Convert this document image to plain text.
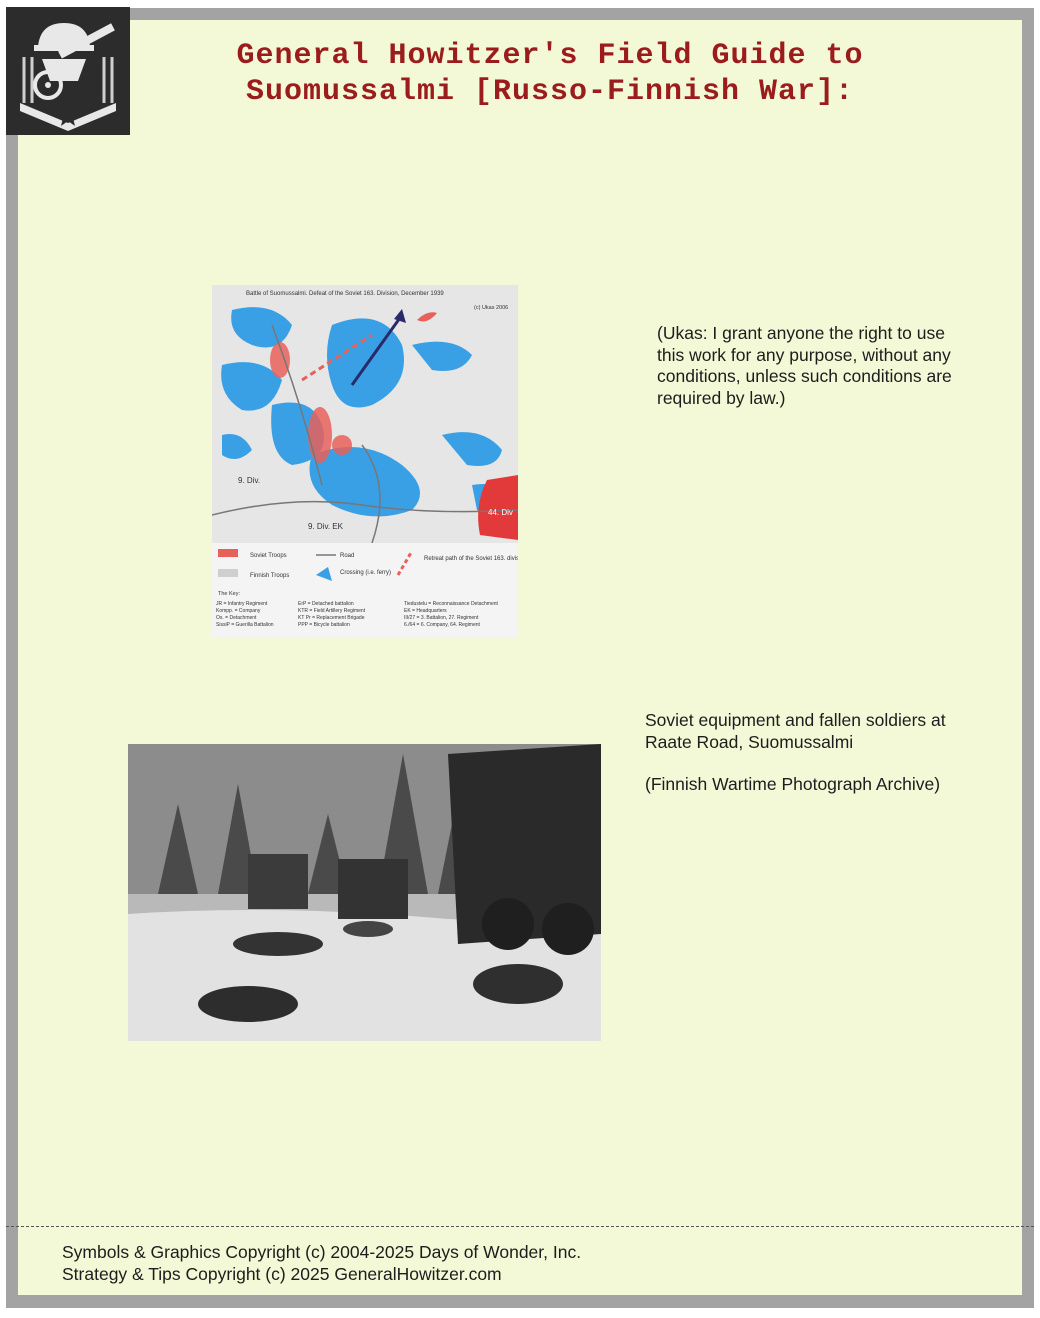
General Howitzer's Field Guide to
Suomussalmi [Russo-Finnish War]:
Battle of Suomussalmi. Defeat of the Soviet 163. Division, December 1939
(c) Ukas 2006
9. Div.
9. Div. EK
44. Div
Soviet Troops
Finnish Troops
Road
Crossing (i.e. ferry)
Retreat path of the Soviet 163. division
The Key:
JR = Infantry Regiment
Kompp. = Company
Os. = Detachment
SissiP = Guerilla Battalion
ErP = Detached battalion
KTR = Field Artillery Regiment
KT Pr = Replacement Brigade
PPP = Bicycle battalion
Tiedustelu = Reconnaissance Detachment
EK = Headquarters
III/27 = 3. Battalion, 27. Regiment
6./64 = 6. Company, 64. Regiment
(Ukas: I grant anyone the right to use this work for any purpose, without any conditions, unless such conditions are required by law.)

Soviet equipment and fallen soldiers at Raate Road, Suomussalmi

(Finnish Wartime Photograph Archive)

Symbols & Graphics Copyright (c) 2004-2025 Days of Wonder, Inc.
Strategy & Tips Copyright (c) 2025 GeneralHowitzer.com
